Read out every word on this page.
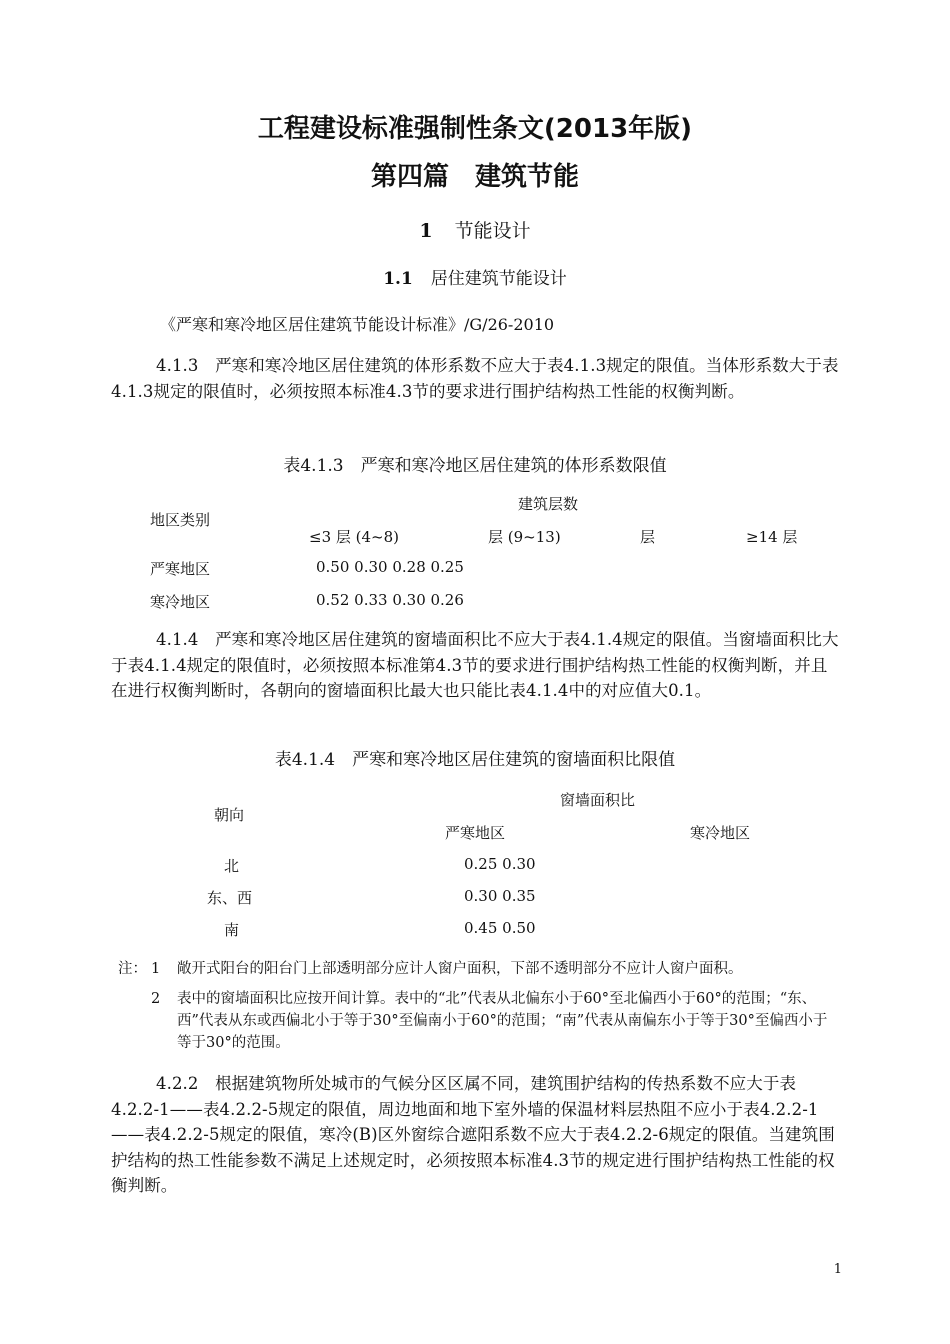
工程建设标准强制性条文(2013年版)
第四篇　建筑节能
1 节能设计
1.1 居住建筑节能设计
《严寒和寒冷地区居住建筑节能设计标准》/G/26-2010
4.1.3　严寒和寒冷地区居住建筑的体形系数不应大于表4.1.3规定的限值。当体形系数大于表4.1.3规定的限值时，必须按照本标准4.3节的要求进行围护结构热工性能的权衡判断。
表4.1.3　严寒和寒冷地区居住建筑的体形系数限值
地区类别
建筑层数
≤3 层 (4~8)	层 (9~13)	层	≥14 层
严寒地区	0.50 0.30 0.28 0.25
寒冷地区	0.52 0.33 0.30 0.26
4.1.4　严寒和寒冷地区居住建筑的窗墙面积比不应大于表4.1.4规定的限值。当窗墙面积比大于表4.1.4规定的限值时，必须按照本标准第4.3节的要求进行围护结构热工性能的权衡判断，并且在进行权衡判断时，各朝向的窗墙面积比最大也只能比表4.1.4中的对应值大0.1。
表4.1.4　严寒和寒冷地区居住建筑的窗墙面积比限值
朝向
窗墙面积比
严寒地区	寒冷地区
北	0.25 0.30
东、西	0.30 0.35
南	0.45 0.50
注： 1 敞开式阳台的阳台门上部透明部分应计人窗户面积，下部不透明部分不应计人窗户面积。
2 表中的窗墙面积比应按开间计算。表中的“北”代表从北偏东小于60°至北偏西小于60°的范围；“东、西”代表从东或西偏北小于等于30°至偏南小于60°的范围；“南”代表从南偏东小于等于30°至偏西小于等于30°的范围。
4.2.2　根据建筑物所处城市的气候分区区属不同，建筑围护结构的传热系数不应大于表4.2.2-1——表4.2.2-5规定的限值，周边地面和地下室外墙的保温材料层热阻不应小于表4.2.2-1——表4.2.2-5规定的限值，寒冷(B)区外窗综合遮阳系数不应大于表4.2.2-6规定的限值。当建筑围护结构的热工性能参数不满足上述规定时，必须按照本标准4.3节的规定进行围护结构热工性能的权衡判断。
1
